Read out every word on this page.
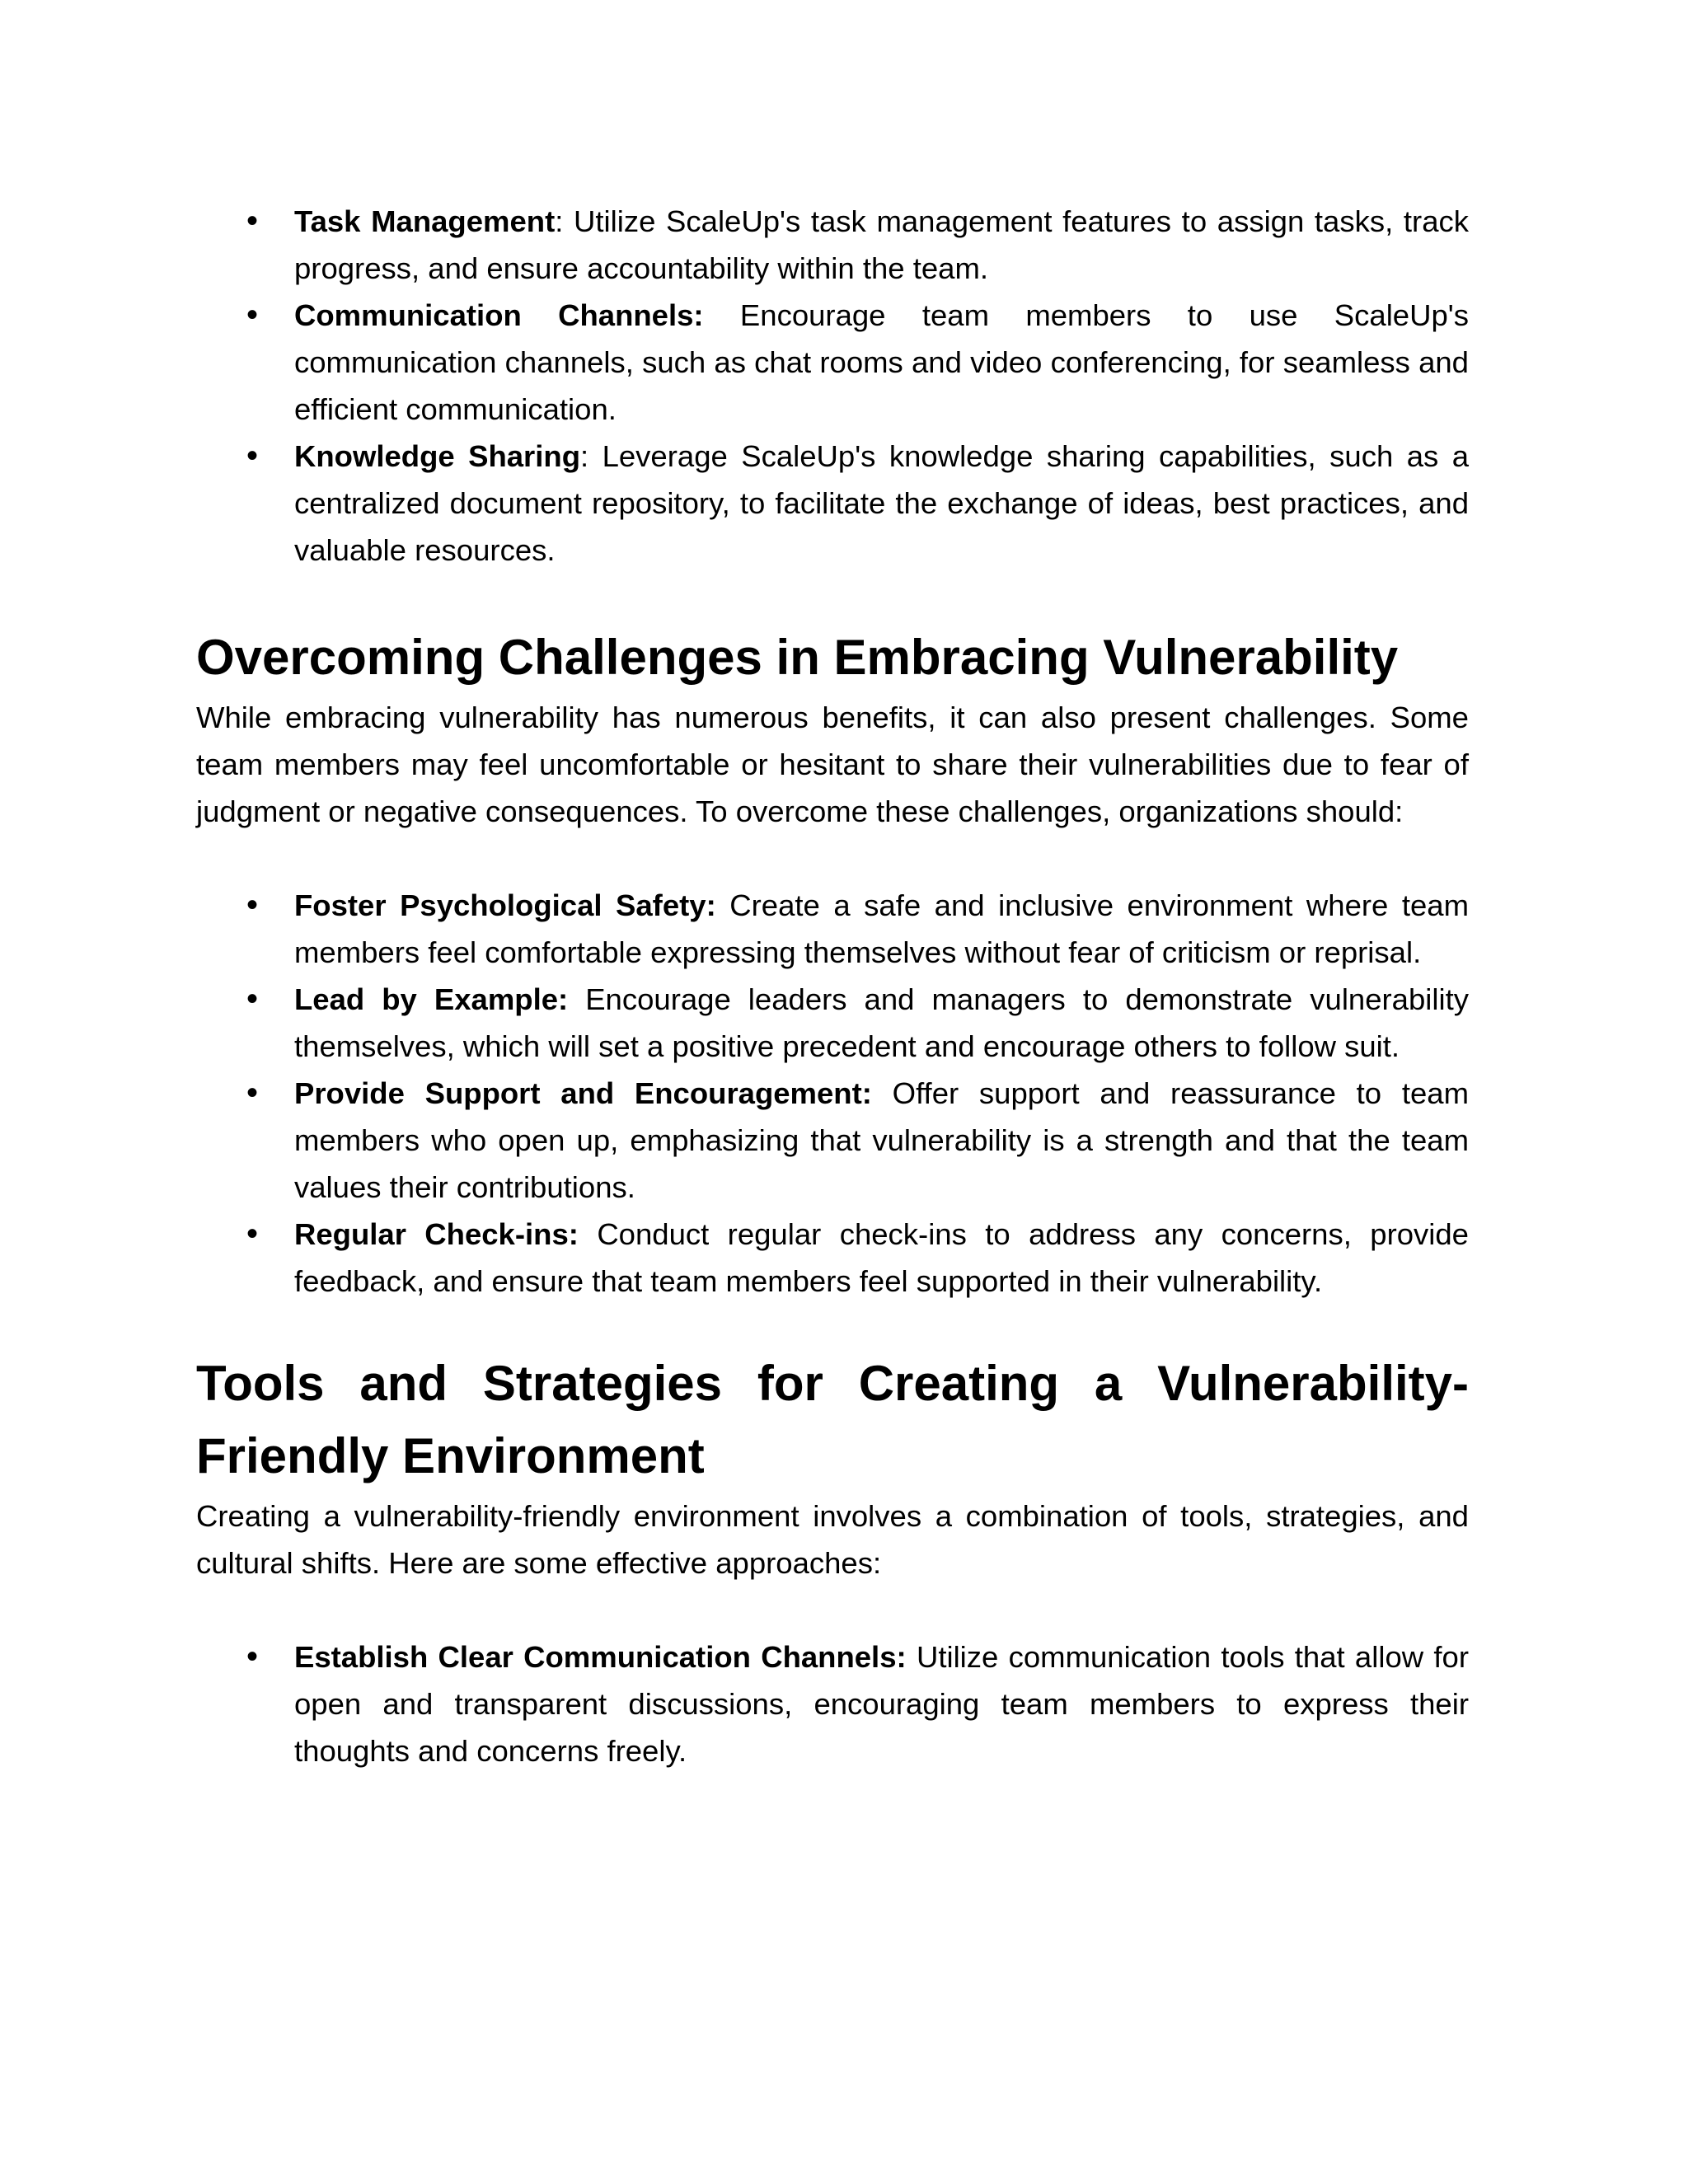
• Task Management: Utilize ScaleUp's task management features to assign tasks, track progress, and ensure accountability within the team.
• Communication Channels: Encourage team members to use ScaleUp's communication channels, such as chat rooms and video conferencing, for seamless and efficient communication.
• Knowledge Sharing: Leverage ScaleUp's knowledge sharing capabilities, such as a centralized document repository, to facilitate the exchange of ideas, best practices, and valuable resources.
Overcoming Challenges in Embracing Vulnerability

While embracing vulnerability has numerous benefits, it can also present challenges. Some team members may feel uncomfortable or hesitant to share their vulnerabilities due to fear of judgment or negative consequences. To overcome these challenges, organizations should:

• Foster Psychological Safety: Create a safe and inclusive environment where team members feel comfortable expressing themselves without fear of criticism or reprisal.
• Lead by Example: Encourage leaders and managers to demonstrate vulnerability themselves, which will set a positive precedent and encourage others to follow suit.
• Provide Support and Encouragement: Offer support and reassurance to team members who open up, emphasizing that vulnerability is a strength and that the team values their contributions.
• Regular Check-ins: Conduct regular check-ins to address any concerns, provide feedback, and ensure that team members feel supported in their vulnerability.
Tools and Strategies for Creating a Vulnerability-Friendly Environment

Creating a vulnerability-friendly environment involves a combination of tools, strategies, and cultural shifts. Here are some effective approaches:

• Establish Clear Communication Channels: Utilize communication tools that allow for open and transparent discussions, encouraging team members to express their thoughts and concerns freely.
